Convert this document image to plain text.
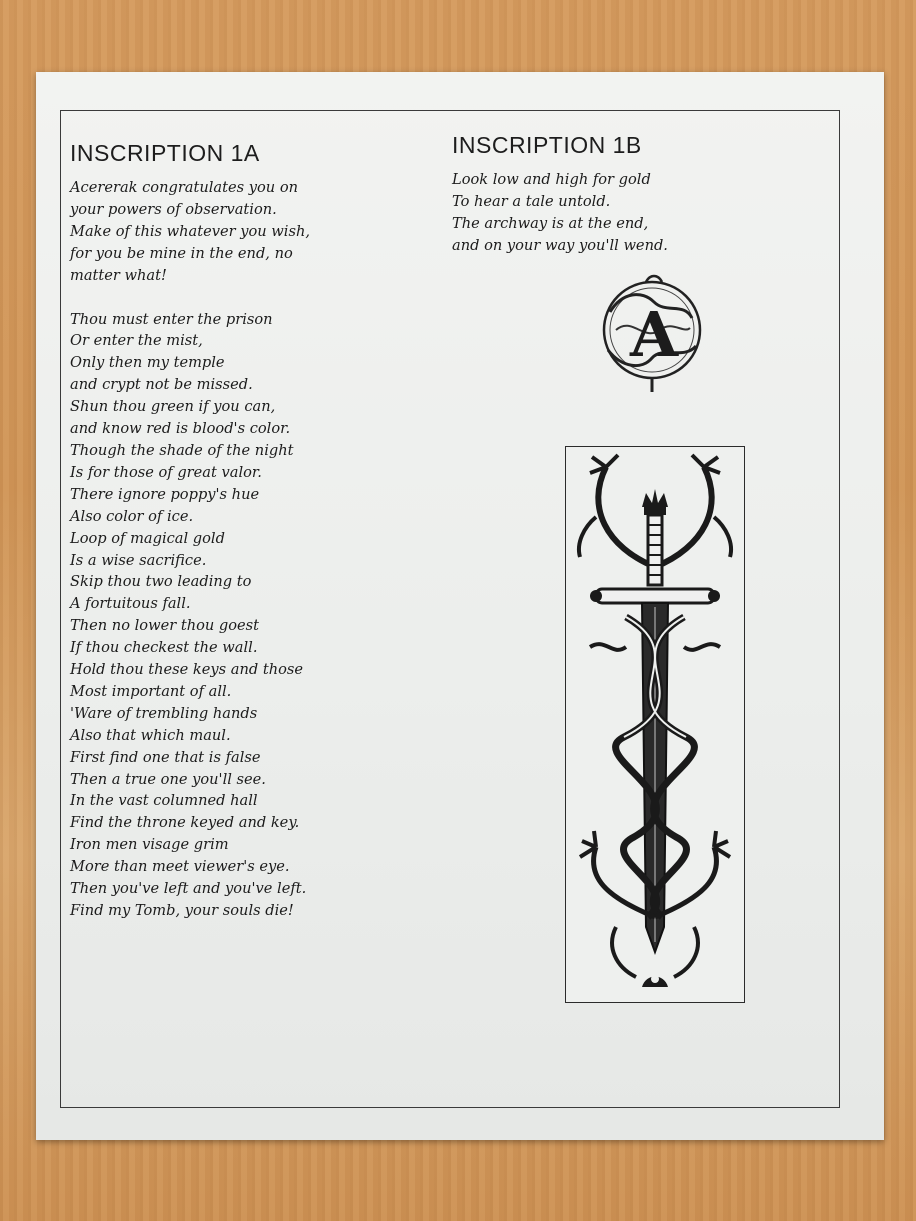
INSCRIPTION 1A
Acererak congratulates you on
your powers of observation.
Make of this whatever you wish,
for you be mine in the end, no
matter what!
Thou must enter the prison
Or enter the mist,
Only then my temple
and crypt not be missed.
Shun thou green if you can,
and know red is blood's color.
Though the shade of the night
Is for those of great valor.
There ignore poppy's hue
Also color of ice.
Loop of magical gold
Is a wise sacrifice.
Skip thou two leading to
A fortuitous fall.
Then no lower thou goest
If thou checkest the wall.
Hold thou these keys and those
Most important of all.
'Ware of trembling hands
Also that which maul.
First find one that is false
Then a true one you'll see.
In the vast columned hall
Find the throne keyed and key.
Iron men visage grim
More than meet viewer's eye.
Then you've left and you've left.
Find my Tomb, your souls die!
INSCRIPTION 1B
Look low and high for gold
To hear a tale untold.
The archway is at the end,
and on your way you'll wend.
A
